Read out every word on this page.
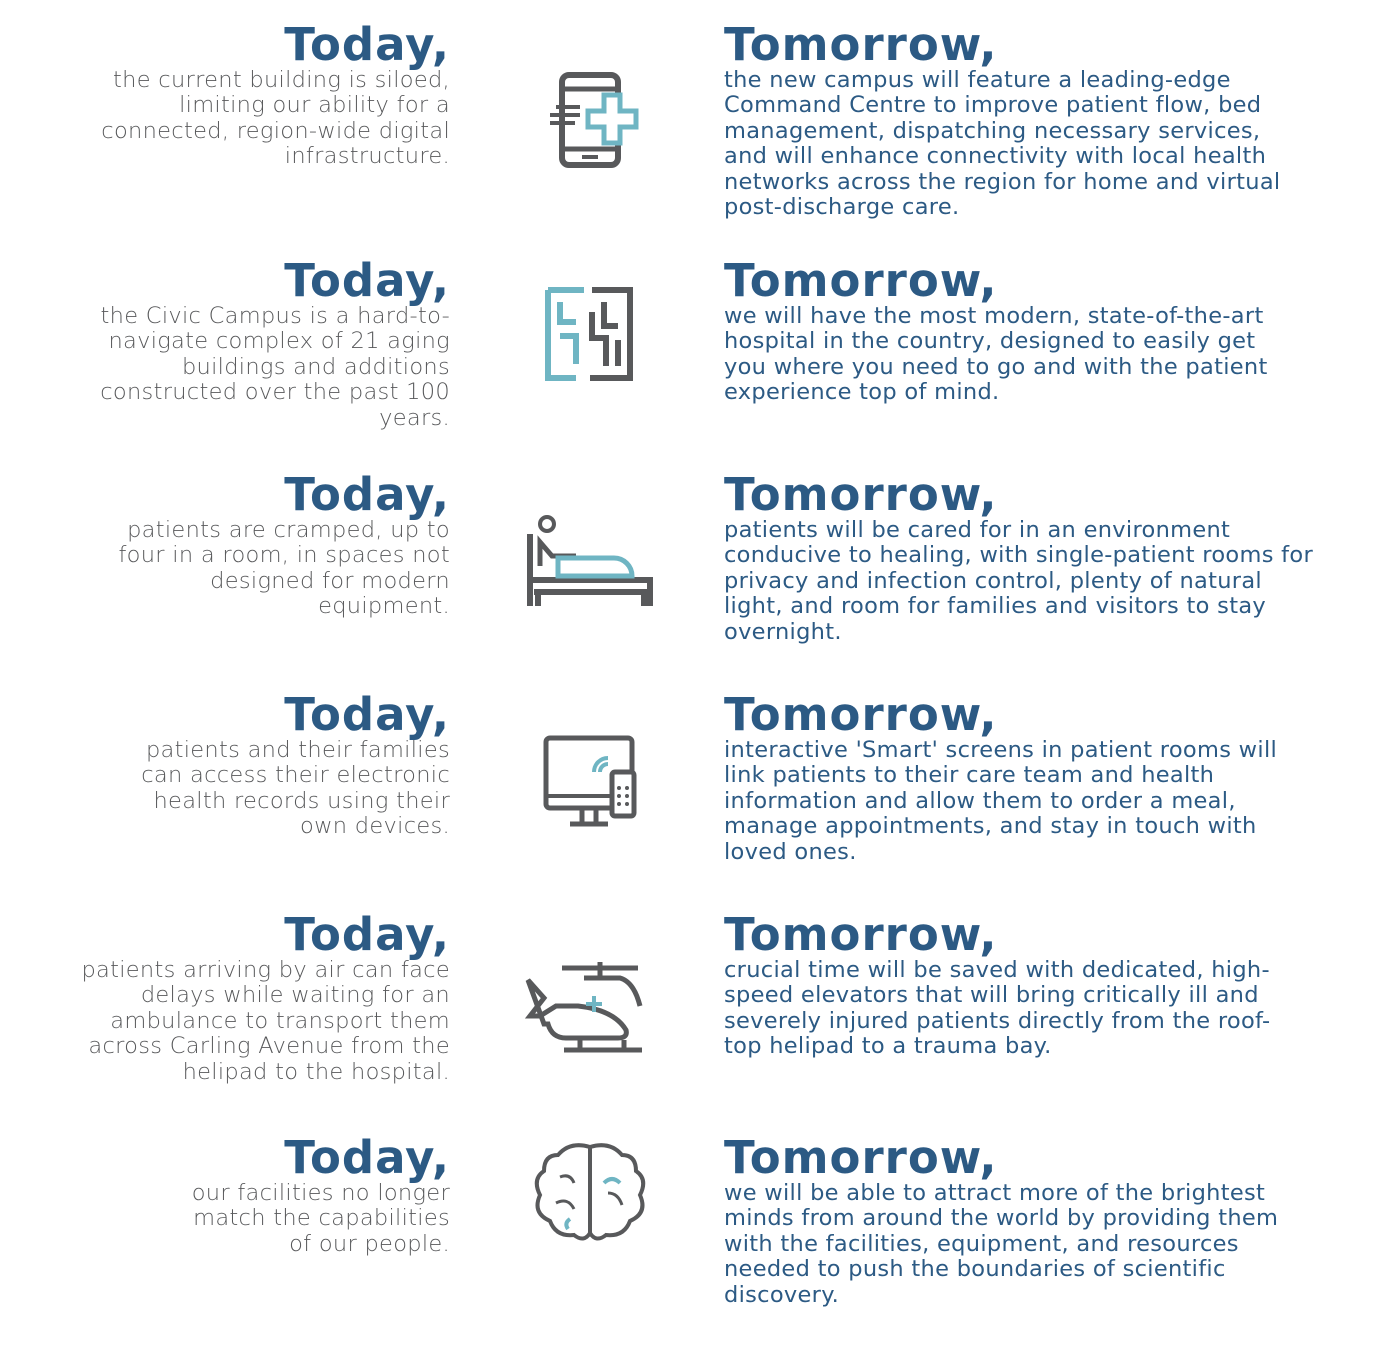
Today,

the current building is siloed, limiting our ability for a connected, region-wide digital infrastructure.

Tomorrow,

the new campus will feature a leading-edge Command Centre to improve patient flow, bed management, dispatching necessary services, and will enhance connectivity with local health networks across the region for home and virtual post-discharge care.

Today,

the Civic Campus is a hard-to-navigate complex of 21 aging buildings and additions constructed over the past 100 years.

Tomorrow,

we will have the most modern, state-of-the-art hospital in the country, designed to easily get you where you need to go and with the patient experience top of mind.

Today,

patients are cramped, up to four in a room, in spaces not designed for modern equipment.

Tomorrow,

patients will be cared for in an environment conducive to healing, with single-patient rooms for privacy and infection control, plenty of natural light, and room for families and visitors to stay overnight.

Today,

patients and their families can access their electronic health records using their own devices.

Tomorrow,

interactive 'Smart' screens in patient rooms will link patients to their care team and health information and allow them to order a meal, manage appointments, and stay in touch with loved ones.

Today,

patients arriving by air can face delays while waiting for an ambulance to transport them across Carling Avenue from the helipad to the hospital.

Tomorrow,

crucial time will be saved with dedicated, high-speed elevators that will bring critically ill and severely injured patients directly from the roof-top helipad to a trauma bay.

Today,

our facilities no longer match the capabilities of our people.

Tomorrow,

we will be able to attract more of the brightest minds from around the world by providing them with the facilities, equipment, and resources needed to push the boundaries of scientific discovery.
